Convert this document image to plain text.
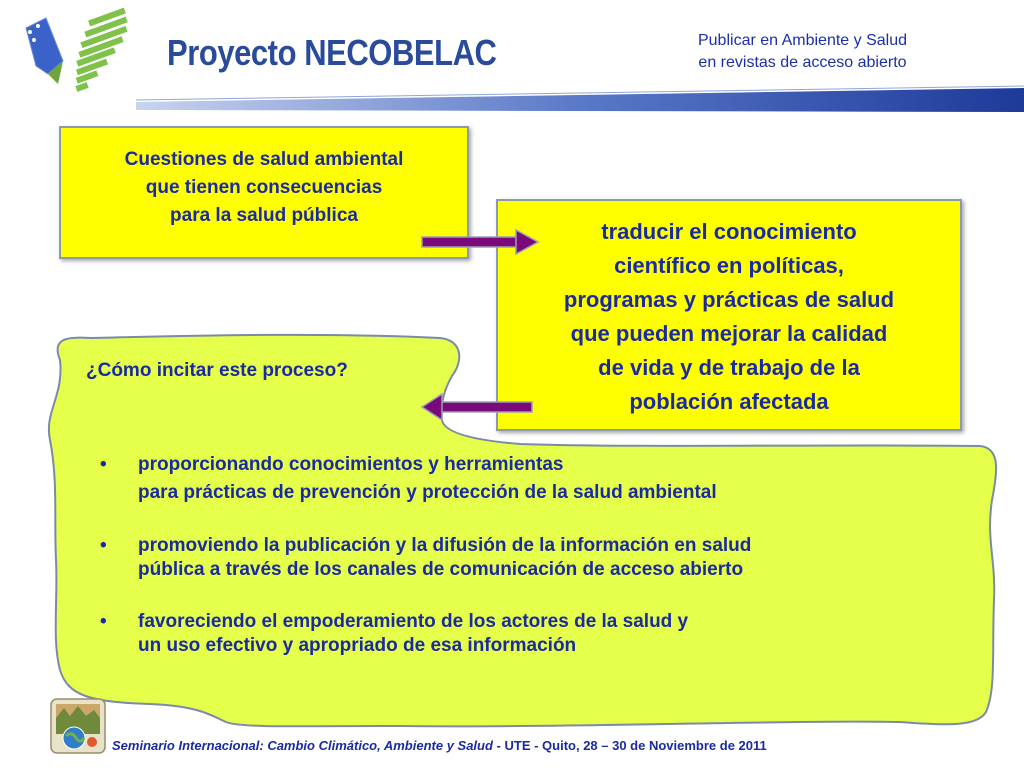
Proyecto NECOBELAC	Publicar en Ambiente y Salud
en revistas de acceso abierto
Cuestiones de salud ambiental
que tienen consecuencias
para la salud pública
traducir el conocimiento
científico en políticas,
programas y prácticas de salud
que pueden mejorar la calidad
de vida y de trabajo de la
población afectada
¿Cómo incitar este proceso?
• proporcionando conocimientos y herramientas
para prácticas de prevención y protección de la salud ambiental
• promoviendo la publicación y la difusión de la información en salud
pública a través de los canales de comunicación de acceso abierto
• favoreciendo el empoderamiento de los actores de la salud y
un uso efectivo y apropriado de esa información
Seminario Internacional: Cambio Climático, Ambiente y Salud - UTE - Quito, 28 – 30 de Noviembre de 2011
